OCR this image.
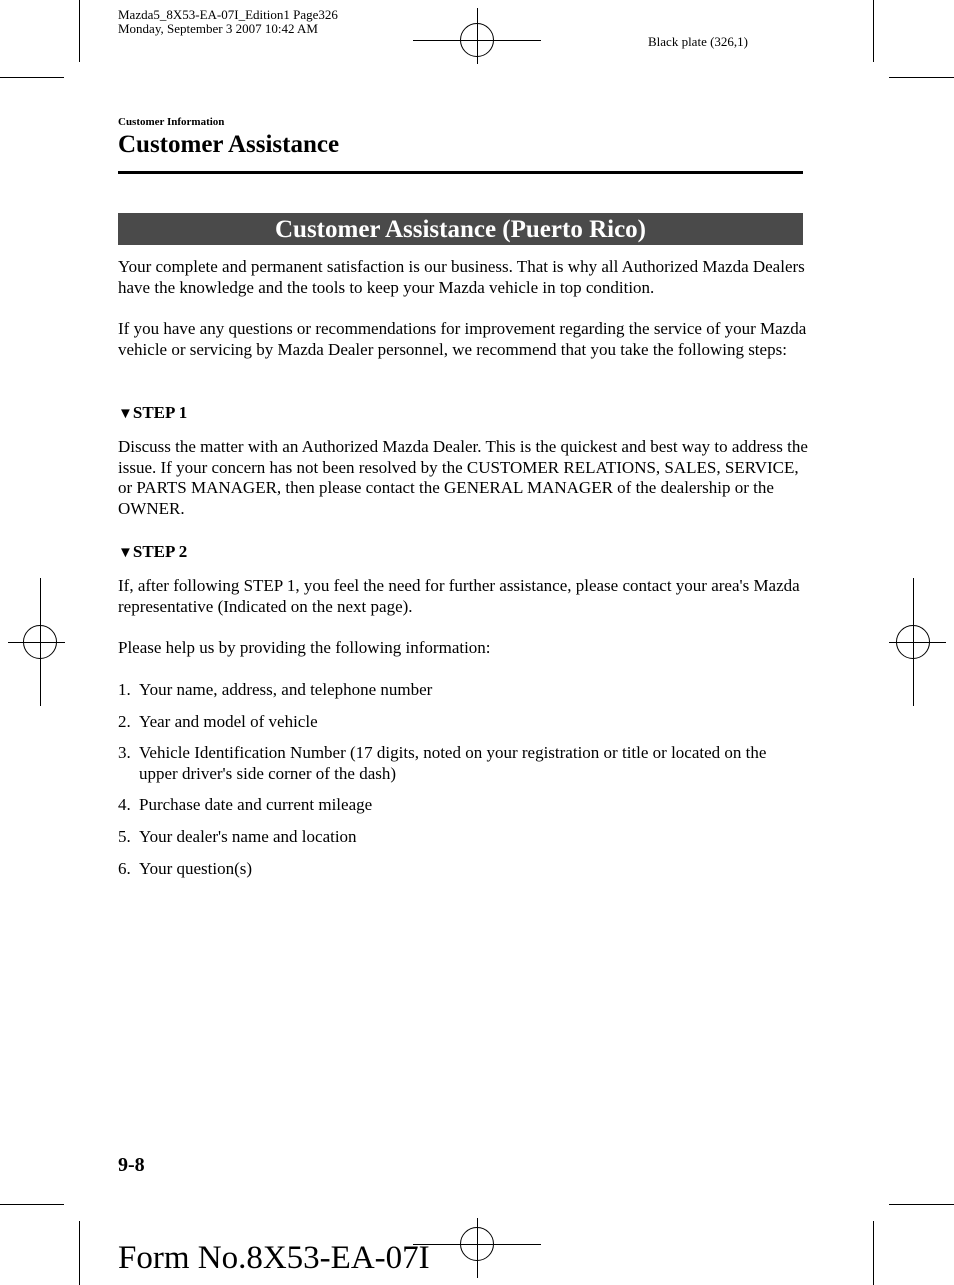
Mazda5_8X53-EA-07I_Edition1 Page326
Monday, September 3 2007 10:42 AM
Black plate (326,1)
Customer Information
Customer Assistance
Customer Assistance (Puerto Rico)
Your complete and permanent satisfaction is our business. That is why all Authorized Mazda Dealers have the knowledge and the tools to keep your Mazda vehicle in top condition.
If you have any questions or recommendations for improvement regarding the service of your Mazda vehicle or servicing by Mazda Dealer personnel, we recommend that you take the following steps:
▼STEP 1
Discuss the matter with an Authorized Mazda Dealer. This is the quickest and best way to address the issue. If your concern has not been resolved by the CUSTOMER RELATIONS, SALES, SERVICE, or PARTS MANAGER, then please contact the GENERAL MANAGER of the dealership or the OWNER.
▼STEP 2
If, after following STEP 1, you feel the need for further assistance, please contact your area's Mazda representative (Indicated on the next page).
Please help us by providing the following information:
1. Your name, address, and telephone number
2. Year and model of vehicle
3. Vehicle Identification Number (17 digits, noted on your registration or title or located on the upper driver's side corner of the dash)
4. Purchase date and current mileage
5. Your dealer's name and location
6. Your question(s)
9-8
Form No.8X53-EA-07I
